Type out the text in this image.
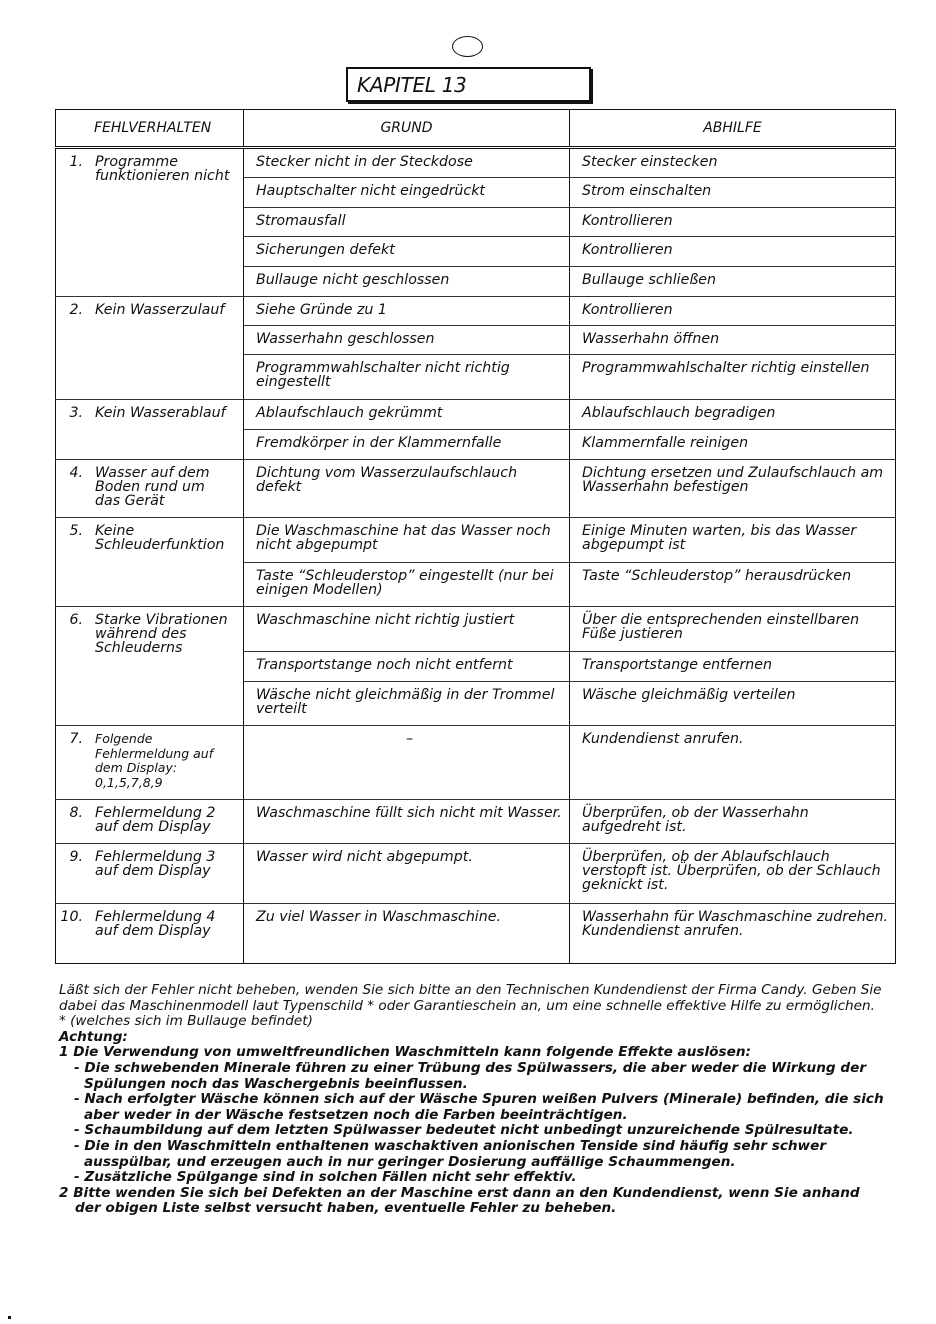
KAPITEL 13
FEHLVERHALTEN	GRUND	ABHILFE
1. Programme funktionieren nicht	Stecker nicht in der Steckdose	Stecker einstecken
	Hauptschalter nicht eingedrückt	Strom einschalten
	Stromausfall	Kontrollieren
	Sicherungen defekt	Kontrollieren
	Bullauge nicht geschlossen	Bullauge schließen
2. Kein Wasserzulauf	Siehe Gründe zu 1	Kontrollieren
	Wasserhahn geschlossen	Wasserhahn öffnen
	Programmwahlschalter nicht richtig eingestellt	Programmwahlschalter richtig einstellen
3. Kein Wasserablauf	Ablaufschlauch gekrümmt	Ablaufschlauch begradigen
	Fremdkörper in der Klammernfalle	Klammernfalle reinigen
4. Wasser auf dem Boden rund um das Gerät	Dichtung vom Wasserzulaufschlauch defekt	Dichtung ersetzen und Zulaufschlauch am Wasserhahn befestigen
5. Keine Schleuderfunktion	Die Waschmaschine hat das Wasser noch nicht abgepumpt	Einige Minuten warten, bis das Wasser abgepumpt ist
	Taste “Schleuderstop” eingestellt (nur bei einigen Modellen)	Taste “Schleuderstop” herausdrücken
6. Starke Vibrationen während des Schleuderns	Waschmaschine nicht richtig justiert	Über die entsprechenden einstellbaren Füße justieren
	Transportstange noch nicht entfernt	Transportstange entfernen
	Wäsche nicht gleichmäßig in der Trommel verteilt	Wäsche gleichmäßig verteilen
7. Folgende Fehlermeldung auf dem Display: 0,1,5,7,8,9	–	Kundendienst anrufen.
8. Fehlermeldung 2 auf dem Display	Waschmaschine füllt sich nicht mit Wasser.	Überprüfen, ob der Wasserhahn aufgedreht ist.
9. Fehlermeldung 3 auf dem Display	Wasser wird nicht abgepumpt.	Überprüfen, ob der Ablaufschlauch verstopft ist. Überprüfen, ob der Schlauch geknickt ist.
10. Fehlermeldung 4 auf dem Display	Zu viel Wasser in Waschmaschine.	Wasserhahn für Waschmaschine zudrehen. Kundendienst anrufen.

Läßt sich der Fehler nicht beheben, wenden Sie sich bitte an den Technischen Kundendienst der Firma Candy. Geben Sie dabei das Maschinenmodell laut Typenschild * oder Garantieschein an, um eine schnelle effektive Hilfe zu ermöglichen.

* (welches sich im Bullauge befindet)

Achtung:

1 Die Verwendung von umweltfreundlichen Waschmitteln kann folgende Effekte auslösen:

- Die schwebenden Minerale führen zu einer Trübung des Spülwassers, die aber weder die Wirkung der Spülungen noch das Waschergebnis beeinflussen.

- Nach erfolgter Wäsche können sich auf der Wäsche Spuren weißen Pulvers (Minerale) befinden, die sich aber weder in der Wäsche festsetzen noch die Farben beeinträchtigen.

- Schaumbildung auf dem letzten Spülwasser bedeutet nicht unbedingt unzureichende Spülresultate.

- Die in den Waschmitteln enthaltenen waschaktiven anionischen Tenside sind häufig sehr schwer ausspülbar, und erzeugen auch in nur geringer Dosierung auffällige Schaummengen.

- Zusätzliche Spülgange sind in solchen Fällen nicht sehr effektiv.

2 Bitte wenden Sie sich bei Defekten an der Maschine erst dann an den Kundendienst, wenn Sie anhand der obigen Liste selbst versucht haben, eventuelle Fehler zu beheben.
